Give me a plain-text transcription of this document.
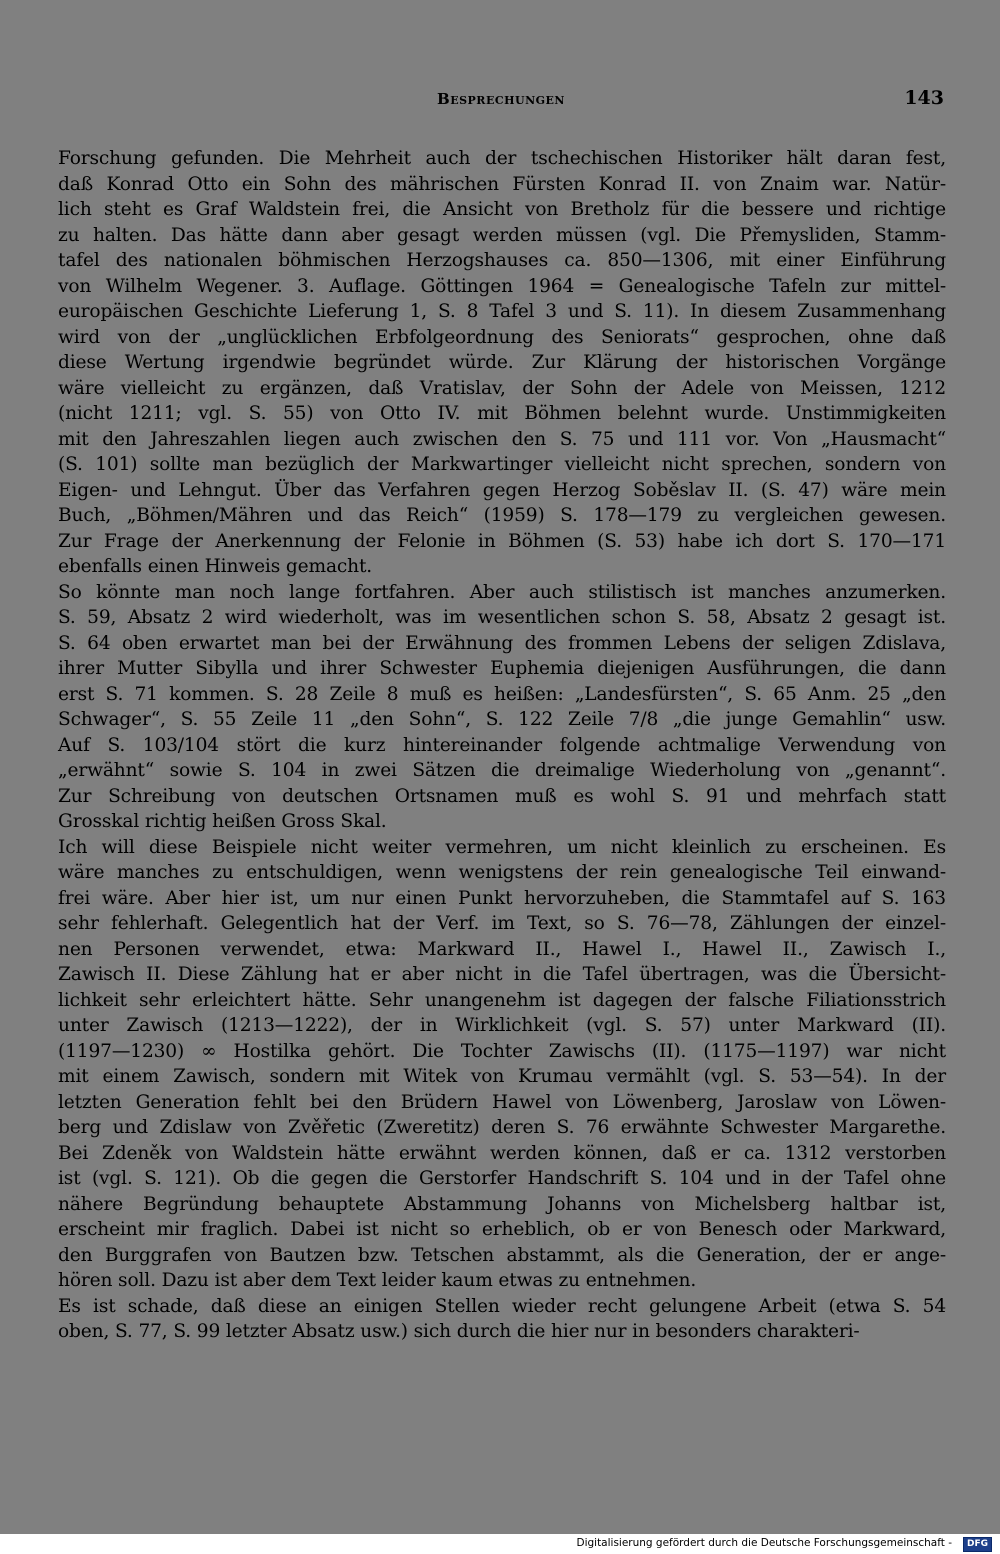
Besprechungen	143
Forschung gefunden. Die Mehrheit auch der tschechischen Historiker hält daran fest,
daß Konrad Otto ein Sohn des mährischen Fürsten Konrad II. von Znaim war. Natür-
lich steht es Graf Waldstein frei, die Ansicht von Bretholz für die bessere und richtige
zu halten. Das hätte dann aber gesagt werden müssen (vgl. Die Přemysliden, Stamm-
tafel des nationalen böhmischen Herzogshauses ca. 850—1306, mit einer Einführung
von Wilhelm Wegener. 3. Auflage. Göttingen 1964 = Genealogische Tafeln zur mittel-
europäischen Geschichte Lieferung 1, S. 8 Tafel 3 und S. 11). In diesem Zusammenhang
wird von der „unglücklichen Erbfolgeordnung des Seniorats“ gesprochen, ohne daß
diese Wertung irgendwie begründet würde. Zur Klärung der historischen Vorgänge
wäre vielleicht zu ergänzen, daß Vratislav, der Sohn der Adele von Meissen, 1212
(nicht 1211; vgl. S. 55) von Otto IV. mit Böhmen belehnt wurde. Unstimmigkeiten
mit den Jahreszahlen liegen auch zwischen den S. 75 und 111 vor. Von „Hausmacht“
(S. 101) sollte man bezüglich der Markwartinger vielleicht nicht sprechen, sondern von
Eigen- und Lehngut. Über das Verfahren gegen Herzog Soběslav II. (S. 47) wäre mein
Buch, „Böhmen/Mähren und das Reich“ (1959) S. 178—179 zu vergleichen gewesen.
Zur Frage der Anerkennung der Felonie in Böhmen (S. 53) habe ich dort S. 170—171
ebenfalls einen Hinweis gemacht.
So könnte man noch lange fortfahren. Aber auch stilistisch ist manches anzumerken.
S. 59, Absatz 2 wird wiederholt, was im wesentlichen schon S. 58, Absatz 2 gesagt ist.
S. 64 oben erwartet man bei der Erwähnung des frommen Lebens der seligen Zdislava,
ihrer Mutter Sibylla und ihrer Schwester Euphemia diejenigen Ausführungen, die dann
erst S. 71 kommen. S. 28 Zeile 8 muß es heißen: „Landesfürsten“, S. 65 Anm. 25 „den
Schwager“, S. 55 Zeile 11 „den Sohn“, S. 122 Zeile 7/8 „die junge Gemahlin“ usw.
Auf S. 103/104 stört die kurz hintereinander folgende achtmalige Verwendung von
„erwähnt“ sowie S. 104 in zwei Sätzen die dreimalige Wiederholung von „genannt“.
Zur Schreibung von deutschen Ortsnamen muß es wohl S. 91 und mehrfach statt
Grosskal richtig heißen Gross Skal.
Ich will diese Beispiele nicht weiter vermehren, um nicht kleinlich zu erscheinen. Es
wäre manches zu entschuldigen, wenn wenigstens der rein genealogische Teil einwand-
frei wäre. Aber hier ist, um nur einen Punkt hervorzuheben, die Stammtafel auf S. 163
sehr fehlerhaft. Gelegentlich hat der Verf. im Text, so S. 76—78, Zählungen der einzel-
nen Personen verwendet, etwa: Markward II., Hawel I., Hawel II., Zawisch I.,
Zawisch II. Diese Zählung hat er aber nicht in die Tafel übertragen, was die Übersicht-
lichkeit sehr erleichtert hätte. Sehr unangenehm ist dagegen der falsche Filiationsstrich
unter Zawisch (1213—1222), der in Wirklichkeit (vgl. S. 57) unter Markward (II).
(1197—1230) ∞ Hostilka gehört. Die Tochter Zawischs (II). (1175—1197) war nicht
mit einem Zawisch, sondern mit Witek von Krumau vermählt (vgl. S. 53—54). In der
letzten Generation fehlt bei den Brüdern Hawel von Löwenberg, Jaroslaw von Löwen-
berg und Zdislaw von Zvěřetic (Zweretitz) deren S. 76 erwähnte Schwester Margarethe.
Bei Zdeněk von Waldstein hätte erwähnt werden können, daß er ca. 1312 verstorben
ist (vgl. S. 121). Ob die gegen die Gerstorfer Handschrift S. 104 und in der Tafel ohne
nähere Begründung behauptete Abstammung Johanns von Michelsberg haltbar ist,
erscheint mir fraglich. Dabei ist nicht so erheblich, ob er von Benesch oder Markward,
den Burggrafen von Bautzen bzw. Tetschen abstammt, als die Generation, der er ange-
hören soll. Dazu ist aber dem Text leider kaum etwas zu entnehmen.
Es ist schade, daß diese an einigen Stellen wieder recht gelungene Arbeit (etwa S. 54
oben, S. 77, S. 99 letzter Absatz usw.) sich durch die hier nur in besonders charakteri-
Digitalisierung gefördert durch die Deutsche Forschungsgemeinschaft -	DFG
